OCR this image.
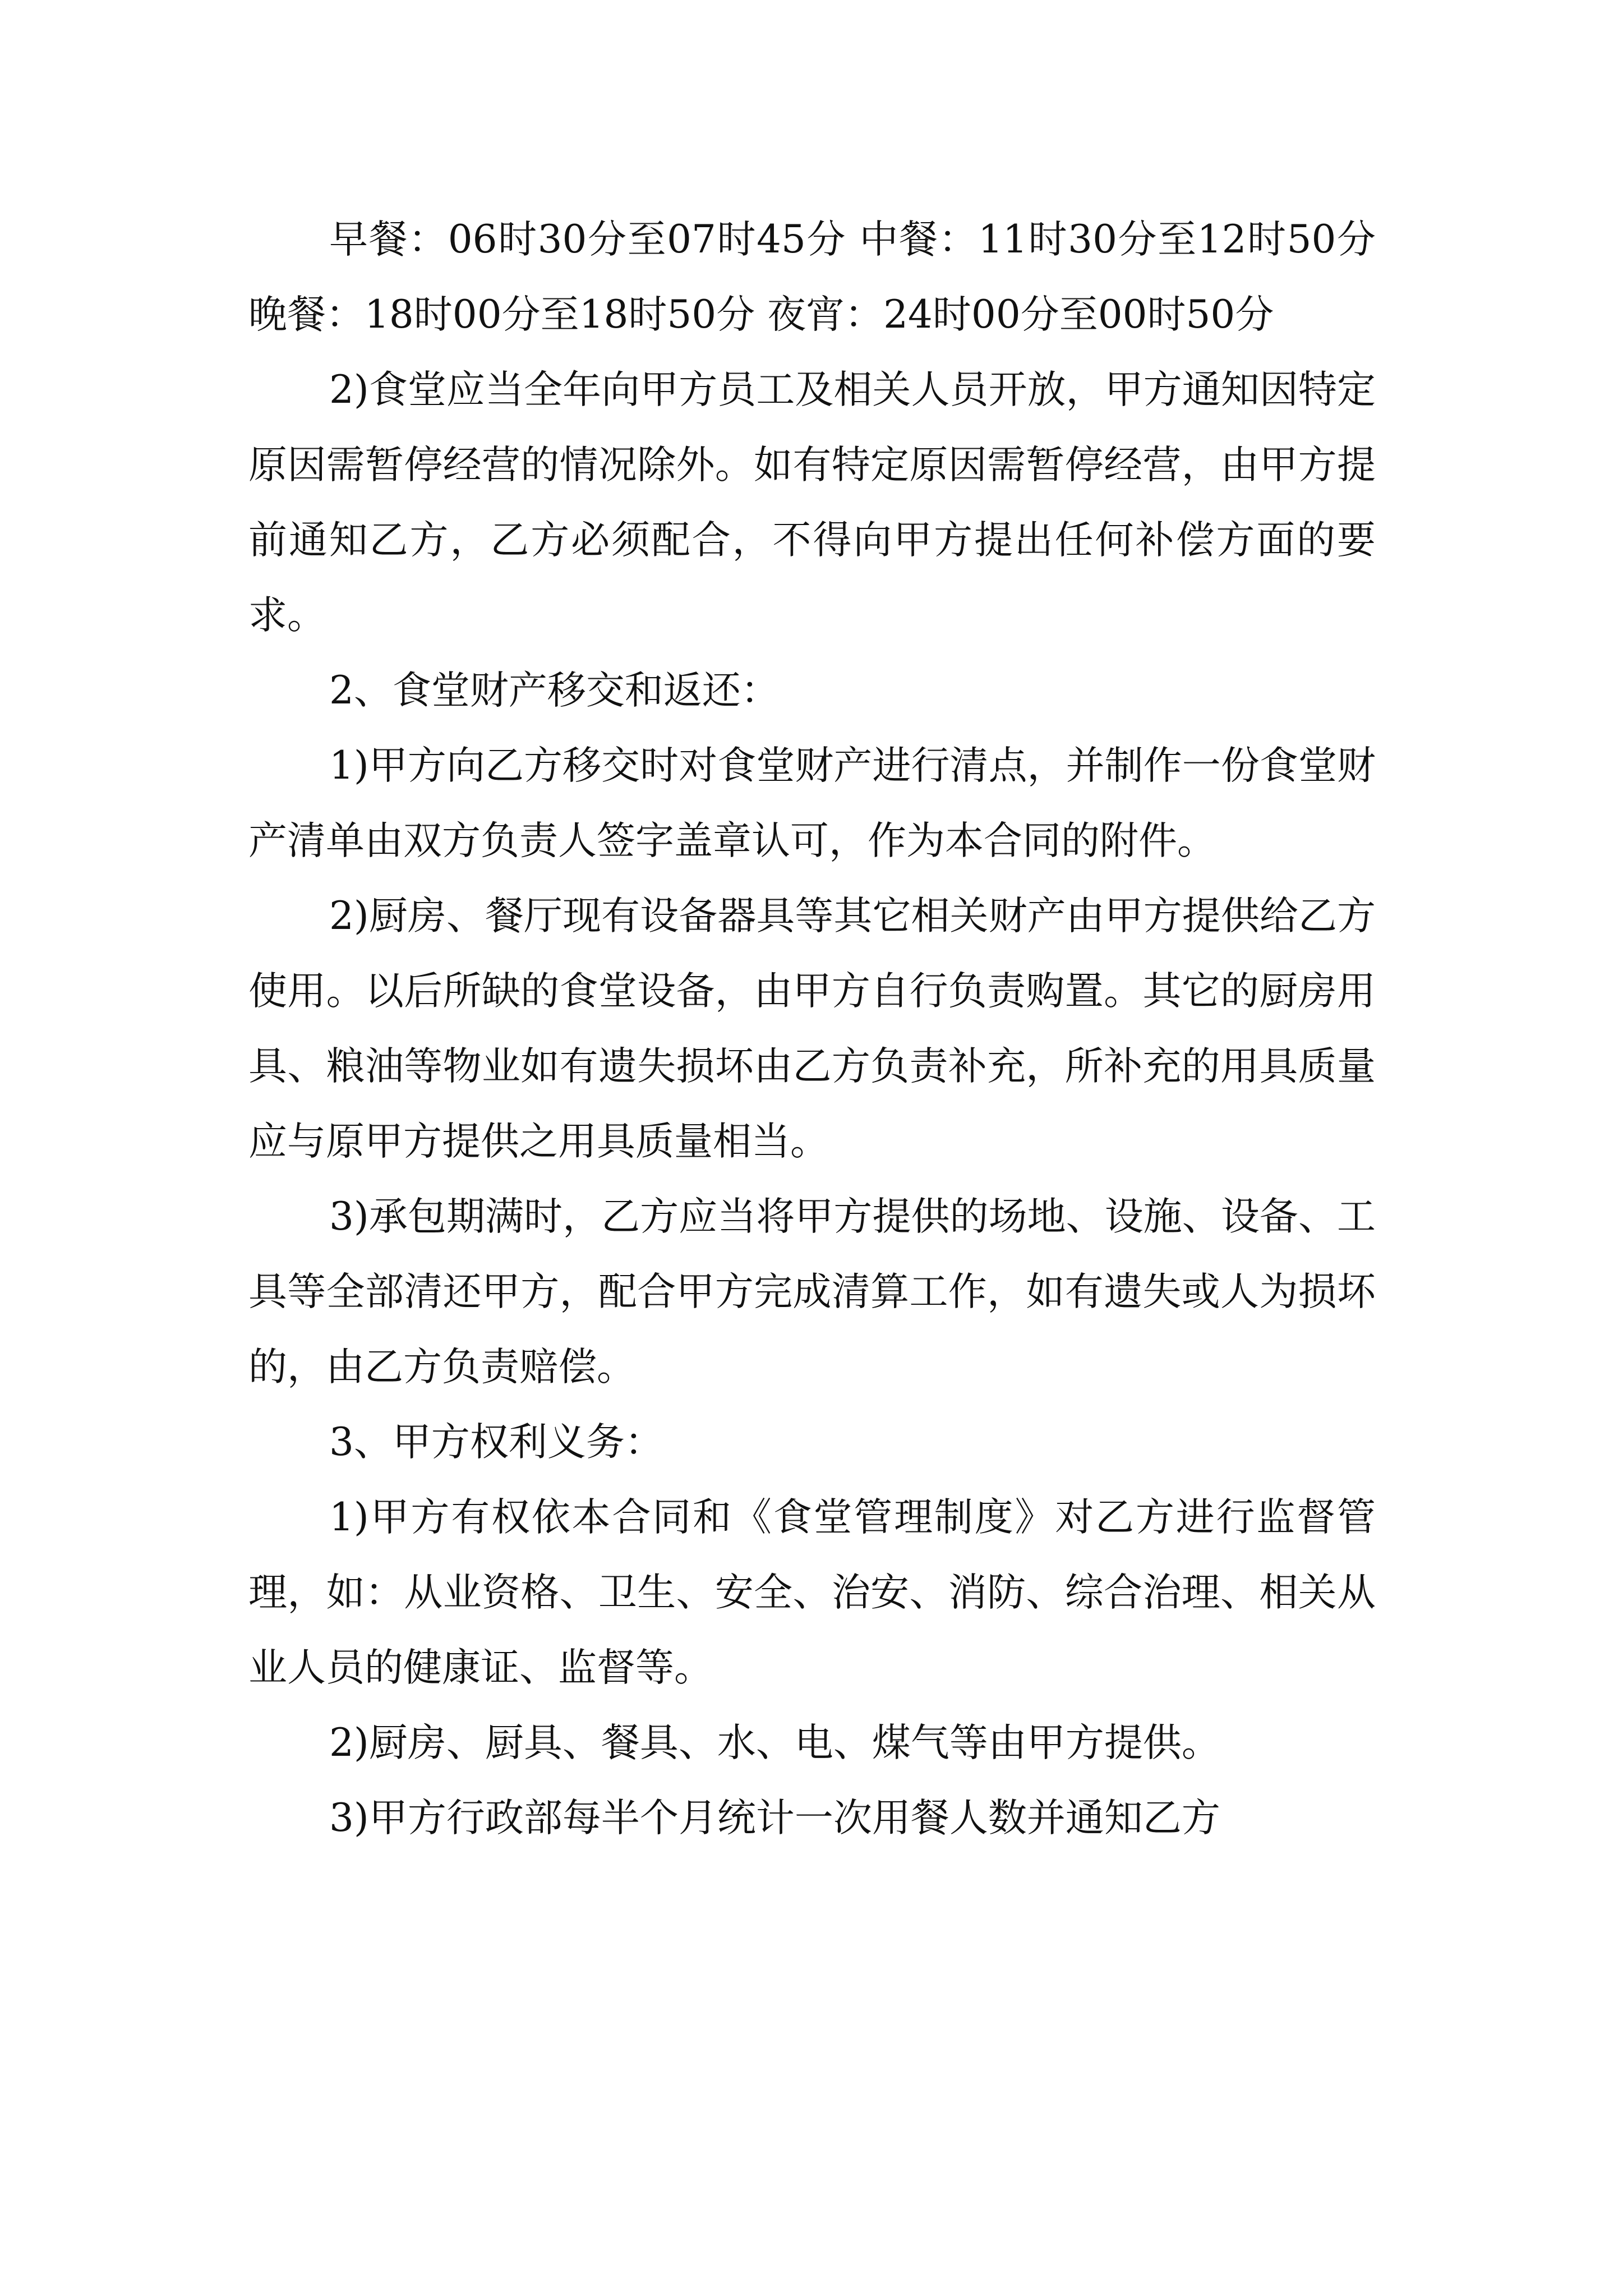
早餐：06时30分至07时45分 中餐：11时30分至12时50分 晚餐：18时00分至18时50分 夜宵：24时00分至00时50分

2)食堂应当全年向甲方员工及相关人员开放，甲方通知因特定原因需暂停经营的情况除外。如有特定原因需暂停经营，由甲方提前通知乙方，乙方必须配合，不得向甲方提出任何补偿方面的要求。

2、食堂财产移交和返还：

1)甲方向乙方移交时对食堂财产进行清点，并制作一份食堂财产清单由双方负责人签字盖章认可，作为本合同的附件。

2)厨房、餐厅现有设备器具等其它相关财产由甲方提供给乙方使用。以后所缺的食堂设备，由甲方自行负责购置。其它的厨房用具、粮油等物业如有遗失损坏由乙方负责补充，所补充的用具质量应与原甲方提供之用具质量相当。

3)承包期满时，乙方应当将甲方提供的场地、设施、设备、工具等全部清还甲方，配合甲方完成清算工作，如有遗失或人为损坏的，由乙方负责赔偿。

3、甲方权利义务：

1)甲方有权依本合同和《食堂管理制度》对乙方进行监督管理，如：从业资格、卫生、安全、治安、消防、综合治理、相关从业人员的健康证、监督等。

2)厨房、厨具、餐具、水、电、煤气等由甲方提供。

3)甲方行政部每半个月统计一次用餐人数并通知乙方
